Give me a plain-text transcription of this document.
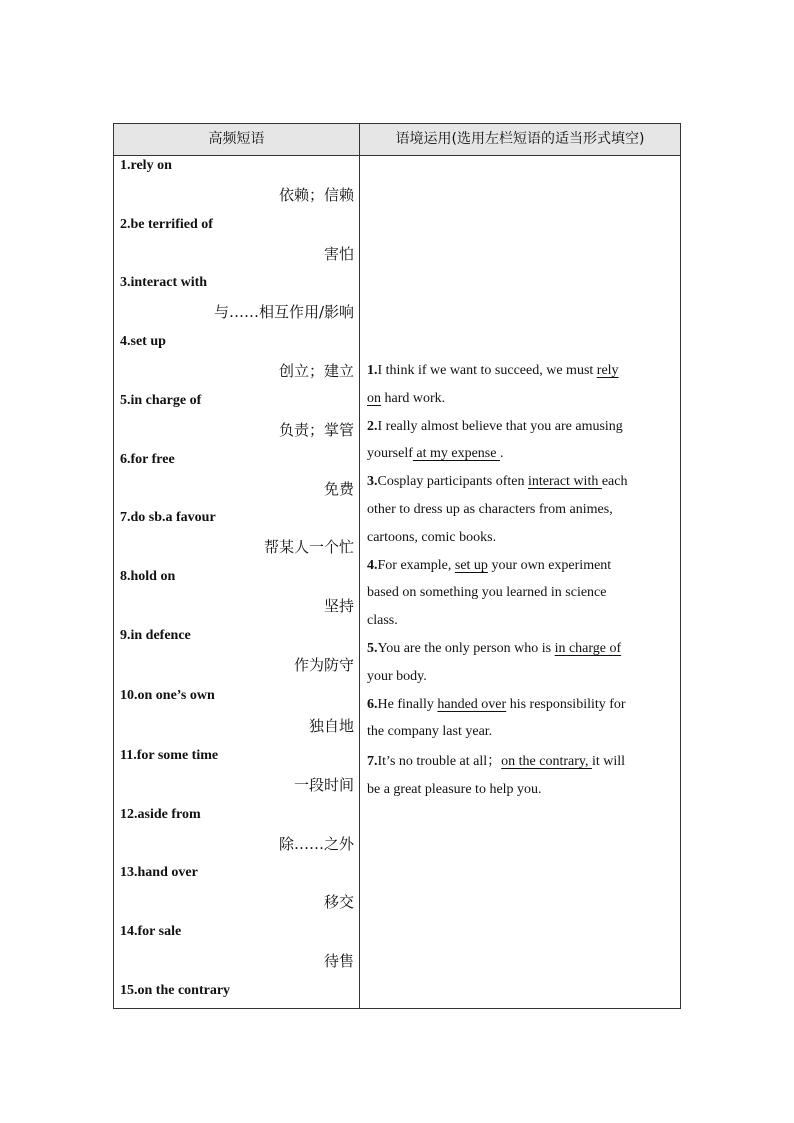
高频短语	语境运用(选用左栏短语的适当形式填空)
1.rely on
依赖；信赖
2.be terrified of
害怕
3.interact with
与……相互作用/影响
4.set up
创立；建立
5.in charge of
负责；掌管
6.for free
免费
7.do sb.a favour
帮某人一个忙
8.hold on
坚持
9.in defence
作为防守
10.on one’s own
独自地
11.for some time
一段时间
12.aside from
除……之外
13.hand over
移交
14.for sale
待售
15.on the contrary
1.I think if we want to succeed, we must rely
on hard work.
2.I really almost believe that you are amusing
yourself at my expense .
3.Cosplay participants often interact with each
other to dress up as characters from animes,
cartoons, comic books.
4.For example, set up your own experiment
based on something you learned in science
class.
5.You are the only person who is in charge of
your body.
6.He finally handed over his responsibility for
the company last year.
7.It’s no trouble at all；on the contrary, it will
be a great pleasure to help you.
